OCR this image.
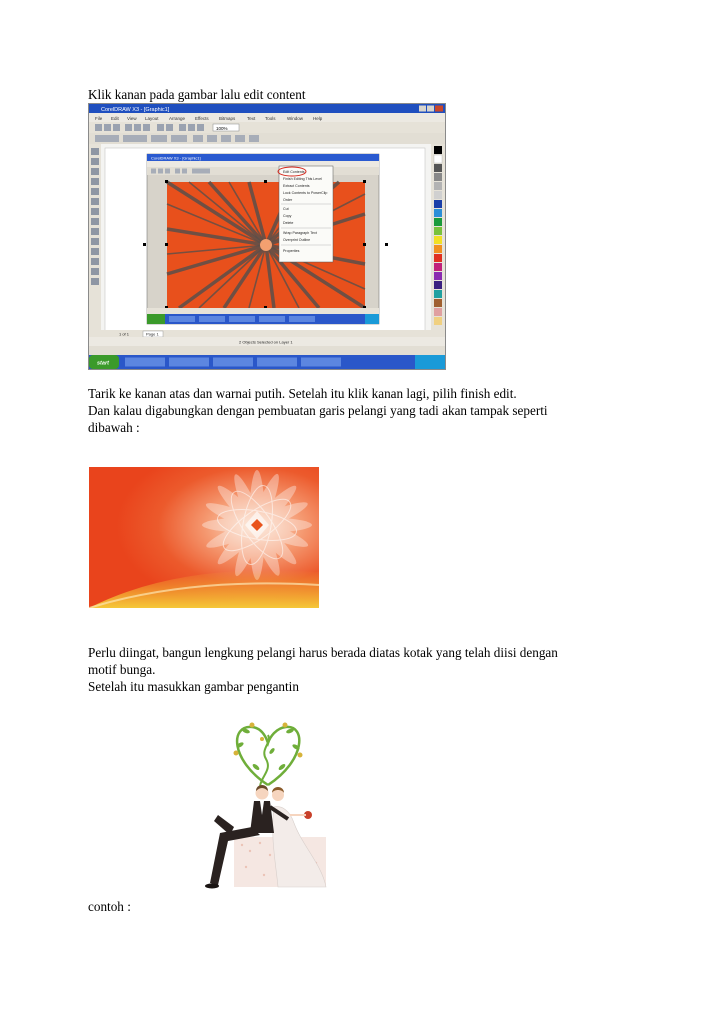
Klik kanan pada gambar lalu edit content

CorelDRAW X3 - [Graphic1]
File Edit View Layout Arrange Effects Bitmaps	Text Tools	Window Help
100%
CorelDRAW X3 - [Graphic1]
Edit Contents
Finish Editing This Level
Extract Contents
Lock Contents to PowerClip
Order
Cut
Copy
Delete
Wrap Paragraph Text
Overprint Outline
Properties
1 of 1	Page 1
2 Objects Selected on Layer 1
start

Tarik ke kanan atas dan warnai putih. Setelah itu klik kanan lagi, pilih finish edit.
Dan kalau digabungkan dengan pembuatan garis pelangi yang tadi akan tampak seperti
dibawah :

Perlu diingat, bangun lengkung pelangi harus berada diatas kotak yang telah diisi dengan
motif bunga.
Setelah itu masukkan gambar pengantin

contoh :
